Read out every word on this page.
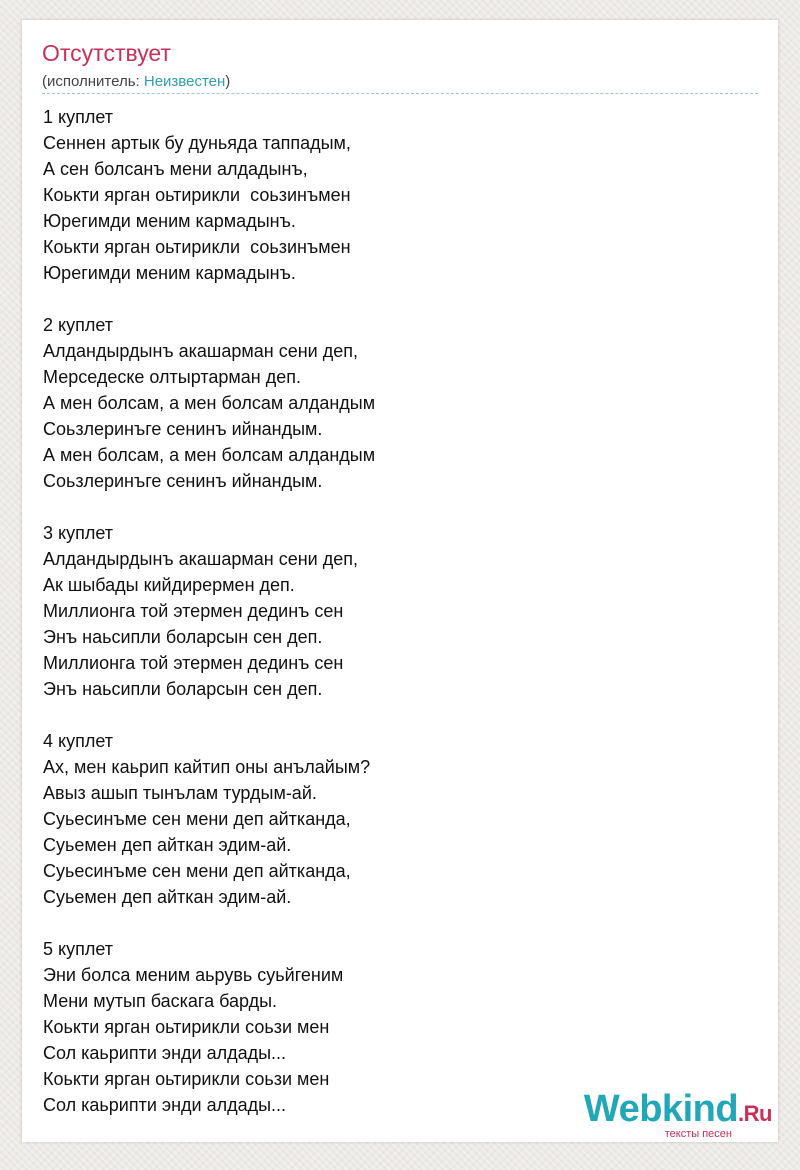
Отсутствует
(исполнитель: Неизвестен)
1 куплет
Сеннен артык бу дуньяда таппадым,
А сен болсанъ мени алдадынъ,
Коькти ярган оьтирикли  соьзинъмен
Юрегимди меним кармадынъ.
Коькти ярган оьтирикли  соьзинъмен
Юрегимди меним кармадынъ.
2 куплет
Алдандырдынъ акашарман сени деп,
Мерседеске олтыртарман деп.
А мен болсам, а мен болсам алдандым
Соьзлеринъге сенинъ ийнандым.
А мен болсам, а мен болсам алдандым
Соьзлеринъге сенинъ ийнандым.
3 куплет
Алдандырдынъ акашарман сени деп,
Ак шыбады кийдирермен деп.
Миллионга той этермен дединъ сен
Энъ наьсипли боларсын сен деп.
Миллионга той этермен дединъ сен
Энъ наьсипли боларсын сен деп.
4 куплет
Ах, мен каьрип кайтип оны анълайым?
Авыз ашып тынълам турдым-ай.
Суьесинъме сен мени деп айтканда,
Суьемен деп айткан эдим-ай.
Суьесинъме сен мени деп айтканда,
Суьемен деп айткан эдим-ай.
5 куплет
Эни болса меним аьрувь суьйгеним
Мени мутып баскага барды.
Коькти ярган оьтирикли соьзи мен
Сол каьрипти энди алдады...
Коькти ярган оьтирикли соьзи мен
Сол каьрипти энди алдады...	Webkind.Ru
тексты песен
